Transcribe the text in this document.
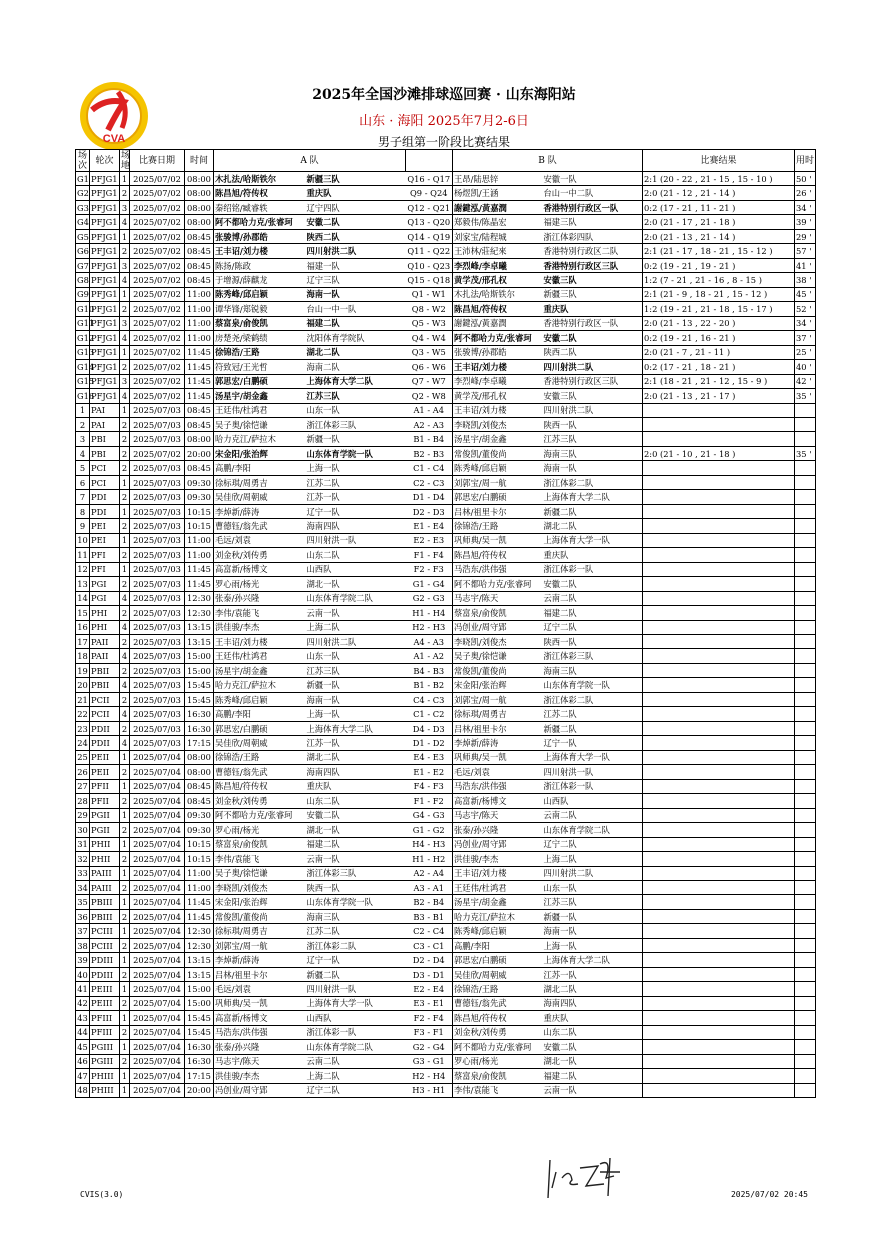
CVA
2025年全国沙滩排球巡回赛 · 山东海阳站
山东 · 海阳 2025年7月2-6日
男子组第一阶段比赛结果
场次	轮次	场地	比赛日期	时间	A 队			B 队		比赛结果	用时
G1	PFJG1	1	2025/07/02	08:00	木扎法/哈斯铁尔	新疆三队	Q16 - Q17	王昂/陆思锌	安徽一队	2:1 (20 - 22 , 21 - 15 , 15 - 10 )	50 '
G2	PFJG1	2	2025/07/02	08:00	陈昌旭/符传权	重庆队	Q9 - Q24	杨煜凯/王涵	台山一中二队	2:0 (21 - 12 , 21 - 14 )	26 '
G3	PFJG1	3	2025/07/02	08:00	秦绍铭/臧睿轶	辽宁四队	Q12 - Q21	謝鍵泓/黃嘉潤	香港特别行政区一队	0:2 (17 - 21 , 11 - 21 )	34 '
G4	PFJG1	4	2025/07/02	08:00	阿不都哈力克/张睿珂	安徽二队	Q13 - Q20	郑毅伟/陈晶宏	福建三队	2:0 (21 - 17 , 21 - 18 )	39 '
G5	PFJG1	1	2025/07/02	08:45	张骏博/孙郡皓	陕西二队	Q14 - Q19	刘家宝/陆程城	浙江体彩四队	2:0 (21 - 13 , 21 - 14 )	29 '
G6	PFJG1	2	2025/07/02	08:45	王丰诏/刘力楼	四川射洪二队	Q11 - Q22	王沛林/莊紀來	香港特別行政区二队	2:1 (21 - 17 , 18 - 21 , 15 - 12 )	57 '
G7	PFJG1	3	2025/07/02	08:45	陈扬/陈政	福建一队	Q10 - Q23	李烈峰/李卓曦	香港特别行政区三队	0:2 (19 - 21 , 19 - 21 )	41 '
G8	PFJG1	4	2025/07/02	08:45	于增源/薛麒龙	辽宁三队	Q15 - Q18	黄学茂/邢孔权	安徽三队	1:2 (7 - 21 , 21 - 16 , 8 - 15 )	38 '
G9	PFJG1	1	2025/07/02	11:00	陈秀峰/邱启颖	海南一队	Q1 - W1	木扎法/哈斯铁尔	新疆三队	2:1 (21 - 9 , 18 - 21 , 15 - 12 )	45 '
G10	PFJG1	2	2025/07/02	11:00	谭华锋/郑锐毅	台山一中一队	Q8 - W2	陈昌旭/符传权	重庆队	1:2 (19 - 21 , 21 - 18 , 15 - 17 )	52 '
G11	PFJG1	3	2025/07/02	11:00	蔡富泉/俞俊凯	福建二队	Q5 - W3	謝鍵泓/黃嘉潤	香港特别行政区一队	2:0 (21 - 13 , 22 - 20 )	34 '
G12	PFJG1	4	2025/07/02	11:00	房楚尧/梁鹤绩	沈阳体育学院队	Q4 - W4	阿不都哈力克/张睿珂	安徽二队	0:2 (19 - 21 , 16 - 21 )	37 '
G13	PFJG1	1	2025/07/02	11:45	徐锦浩/王路	湖北二队	Q3 - W5	张骏博/孙郡皓	陕西二队	2:0 (21 - 7 , 21 - 11 )	25 '
G14	PFJG1	2	2025/07/02	11:45	符致冠/王光哲	海南二队	Q6 - W6	王丰诏/刘力楼	四川射洪二队	0:2 (17 - 21 , 18 - 21 )	40 '
G15	PFJG1	3	2025/07/02	11:45	郭思宏/白鹏硕	上海体育大学二队	Q7 - W7	李烈峰/李卓曦	香港特别行政区三队	2:1 (18 - 21 , 21 - 12 , 15 - 9 )	42 '
G16	PFJG1	4	2025/07/02	11:45	汤星宇/胡金鑫	江苏三队	Q2 - W8	黄学茂/邢孔权	安徽三队	2:0 (21 - 13 , 21 - 17 )	35 '
1	PAI	1	2025/07/03	08:45	王廷伟/杜鸿君	山东一队	A1 - A4	王丰诏/刘力楼	四川射洪二队		
2	PAI	2	2025/07/03	08:45	吴子奥/徐恺谦	浙江体彩三队	A2 - A3	李晓凯/刘俊杰	陕西一队		
3	PBI	2	2025/07/03	08:00	哈力克江/萨拉木	新疆一队	B1 - B4	汤星宇/胡金鑫	江苏三队		
4	PBI	2	2025/07/02	20:00	宋金阳/张治辉	山东体育学院一队	B2 - B3	常俊凯/董俊尚	海南三队	2:0 (21 - 10 , 21 - 18 )	35 '
5	PCI	2	2025/07/03	08:45	高鹏/李阳	上海一队	C1 - C4	陈秀峰/邱启颖	海南一队		
6	PCI	1	2025/07/03	09:30	徐标琪/周勇吉	江苏二队	C2 - C3	刘郭宝/周一航	浙江体彩二队		
7	PDI	2	2025/07/03	09:30	吴佳欣/周朝威	江苏一队	D1 - D4	郭思宏/白鹏硕	上海体育大学二队		
8	PDI	1	2025/07/03	10:15	李焯新/薛涛	辽宁一队	D2 - D3	吕林/祖里卡尔	新疆二队		
9	PEI	2	2025/07/03	10:15	曹德钰/翁先武	海南四队	E1 - E4	徐锦浩/王路	湖北二队		
10	PEI	1	2025/07/03	11:00	毛远/刘袁	四川射洪一队	E2 - E3	巩师典/吴一凯	上海体育大学一队		
11	PFI	2	2025/07/03	11:00	刘金秋/刘传勇	山东二队	F1 - F4	陈昌旭/符传权	重庆队		
12	PFI	1	2025/07/03	11:45	高富新/杨博文	山西队	F2 - F3	马浩东/洪伟强	浙江体彩一队		
13	PGI	2	2025/07/03	11:45	罗心雨/杨光	湖北一队	G1 - G4	阿不都哈力克/张睿珂	安徽二队		
14	PGI	4	2025/07/03	12:30	张泰/孙兴隆	山东体育学院二队	G2 - G3	马志宇/陈天	云南二队		
15	PHI	2	2025/07/03	12:30	李伟/袁能飞	云南一队	H1 - H4	蔡富泉/俞俊凯	福建二队		
16	PHI	4	2025/07/03	13:15	洪佳骏/李杰	上海二队	H2 - H3	冯创业/周守郢	辽宁二队		
17	PAII	2	2025/07/03	13:15	王丰诏/刘力楼	四川射洪二队	A4 - A3	李晓凯/刘俊杰	陕西一队		
18	PAII	4	2025/07/03	15:00	王廷伟/杜鸿君	山东一队	A1 - A2	吴子奥/徐恺谦	浙江体彩三队		
19	PBII	2	2025/07/03	15:00	汤星宇/胡金鑫	江苏三队	B4 - B3	常俊凯/董俊尚	海南三队		
20	PBII	4	2025/07/03	15:45	哈力克江/萨拉木	新疆一队	B1 - B2	宋金阳/张治辉	山东体育学院一队		
21	PCII	2	2025/07/03	15:45	陈秀峰/邱启颖	海南一队	C4 - C3	刘郭宝/周一航	浙江体彩二队		
22	PCII	4	2025/07/03	16:30	高鹏/李阳	上海一队	C1 - C2	徐标琪/周勇吉	江苏二队		
23	PDII	2	2025/07/03	16:30	郭思宏/白鹏硕	上海体育大学二队	D4 - D3	吕林/祖里卡尔	新疆二队		
24	PDII	4	2025/07/03	17:15	吴佳欣/周朝威	江苏一队	D1 - D2	李焯新/薛涛	辽宁一队		
25	PEII	1	2025/07/04	08:00	徐锦浩/王路	湖北二队	E4 - E3	巩师典/吴一凯	上海体育大学一队		
26	PEII	2	2025/07/04	08:00	曹德钰/翁先武	海南四队	E1 - E2	毛远/刘袁	四川射洪一队		
27	PFII	1	2025/07/04	08:45	陈昌旭/符传权	重庆队	F4 - F3	马浩东/洪伟强	浙江体彩一队		
28	PFII	2	2025/07/04	08:45	刘金秋/刘传勇	山东二队	F1 - F2	高富新/杨博文	山西队		
29	PGII	1	2025/07/04	09:30	阿不都哈力克/张睿珂	安徽二队	G4 - G3	马志宇/陈天	云南二队		
30	PGII	2	2025/07/04	09:30	罗心雨/杨光	湖北一队	G1 - G2	张泰/孙兴隆	山东体育学院二队		
31	PHII	1	2025/07/04	10:15	蔡富泉/俞俊凯	福建二队	H4 - H3	冯创业/周守郢	辽宁二队		
32	PHII	2	2025/07/04	10:15	李伟/袁能飞	云南一队	H1 - H2	洪佳骏/李杰	上海二队		
33	PAIII	1	2025/07/04	11:00	吴子奥/徐恺谦	浙江体彩三队	A2 - A4	王丰诏/刘力楼	四川射洪二队		
34	PAIII	2	2025/07/04	11:00	李晓凯/刘俊杰	陕西一队	A3 - A1	王廷伟/杜鸿君	山东一队		
35	PBIII	1	2025/07/04	11:45	宋金阳/张治辉	山东体育学院一队	B2 - B4	汤星宇/胡金鑫	江苏三队		
36	PBIII	2	2025/07/04	11:45	常俊凯/董俊尚	海南三队	B3 - B1	哈力克江/萨拉木	新疆一队		
37	PCIII	1	2025/07/04	12:30	徐标琪/周勇吉	江苏二队	C2 - C4	陈秀峰/邱启颖	海南一队		
38	PCIII	2	2025/07/04	12:30	刘郭宝/周一航	浙江体彩二队	C3 - C1	高鹏/李阳	上海一队		
39	PDIII	1	2025/07/04	13:15	李焯新/薛涛	辽宁一队	D2 - D4	郭思宏/白鹏硕	上海体育大学二队		
40	PDIII	2	2025/07/04	13:15	吕林/祖里卡尔	新疆二队	D3 - D1	吴佳欣/周朝威	江苏一队		
41	PEIII	1	2025/07/04	15:00	毛远/刘袁	四川射洪一队	E2 - E4	徐锦浩/王路	湖北二队		
42	PEIII	2	2025/07/04	15:00	巩师典/吴一凯	上海体育大学一队	E3 - E1	曹德钰/翁先武	海南四队		
43	PFIII	1	2025/07/04	15:45	高富新/杨博文	山西队	F2 - F4	陈昌旭/符传权	重庆队		
44	PFIII	2	2025/07/04	15:45	马浩东/洪伟强	浙江体彩一队	F3 - F1	刘金秋/刘传勇	山东二队		
45	PGIII	1	2025/07/04	16:30	张泰/孙兴隆	山东体育学院二队	G2 - G4	阿不都哈力克/张睿珂	安徽二队		
46	PGIII	2	2025/07/04	16:30	马志宇/陈天	云南二队	G3 - G1	罗心雨/杨光	湖北一队		
47	PHIII	1	2025/07/04	17:15	洪佳骏/李杰	上海二队	H2 - H4	蔡富泉/俞俊凯	福建二队		
48	PHIII	1	2025/07/04	20:00	冯创业/周守郢	辽宁二队	H3 - H1	李伟/袁能飞	云南一队		
CVIS(3.0)	2025/07/02 20:45
